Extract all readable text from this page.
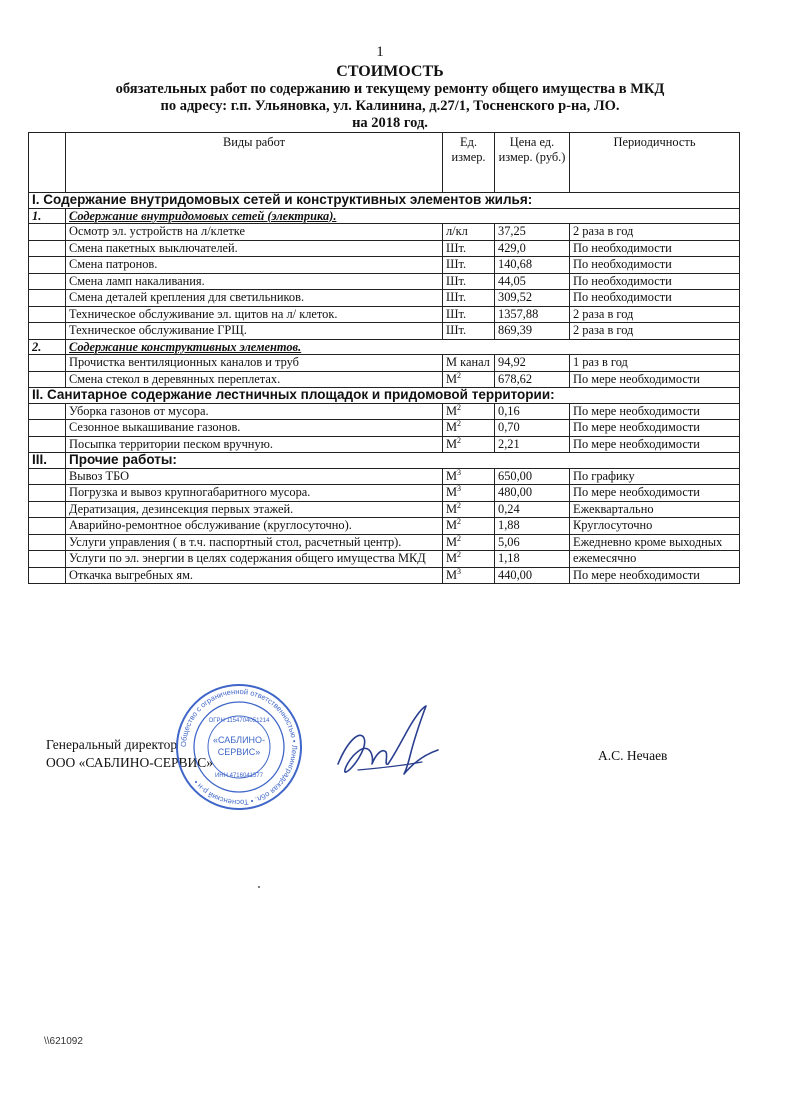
1
СТОИМОСТЬ
обязательных работ по содержанию и текущему ремонту общего имущества в МКД
по адресу: г.п. Ульяновка, ул. Калинина, д.27/1, Тосненского р-на, ЛО.
на 2018 год.
	Виды работ	Ед. измер.	Цена ед. измер. (руб.)	Периодичность
I. Содержание внутридомовых сетей и конструктивных элементов жилья:				
1.	Содержание внутридомовых сетей (электрика).			
	Осмотр эл. устройств на л/клетке	л/кл	37,25	2 раза в год
	Смена пакетных выключателей.	Шт.	429,0	По необходимости
	Смена патронов.	Шт.	140,68	По необходимости
	Смена ламп накаливания.	Шт.	44,05	По необходимости
	Смена деталей крепления для светильников.	Шт.	309,52	По необходимости
	Техническое обслуживание эл. щитов на л/ клеток.	Шт.	1357,88	2 раза в год
	Техническое обслуживание ГРЩ.	Шт.	869,39	2 раза в год
2.	Содержание конструктивных элементов.			
	Прочистка вентиляционных каналов и труб	М канал	94,92	1 раз в год
	Смена стекол в деревянных переплетах.	$М^2$	678,62	По мере необходимости
II. Санитарное содержание лестничных площадок и придомовой территории:				
	Уборка газонов от мусора.	$М^2$	0,16	По мере необходимости
	Сезонное выкашивание газонов.	$М^2$	0,70	По мере необходимости
	Посыпка территории песком вручную.	$М^2$	2,21	По мере необходимости
III.	Прочие работы:			
	Вывоз ТБО	$М^3$	650,00	По графику
	Погрузка и вывоз крупногабаритного мусора.	$М^3$	480,00	По мере необходимости
	Дератизация, дезинсекция первых этажей.	$М^2$	0,24	Ежеквартально
	Аварийно-ремонтное обслуживание (круглосуточно).	$М^2$	1,88	Круглосуточно
	Услуги управления ( в т.ч. паспортный стол, расчетный центр).	$М^2$	5,06	Ежедневно кроме выходных
	Услуги по эл. энергии в целях содержания общего имущества МКД	$М^2$	1,18	ежемесячно
	Откачка выгребных ям.	$М^3$	440,00	По мере необходимости
Генеральный директор
ООО «САБЛИНО-СЕРВИС»	А.С. Нечаев
Общество с ограниченной ответственностью • Ленинградская обл. • Тосненский р-н •
«САБЛИНО-
СЕРВИС»
ОГРН 1154704051214
ИНН 4716041577
\\621092
